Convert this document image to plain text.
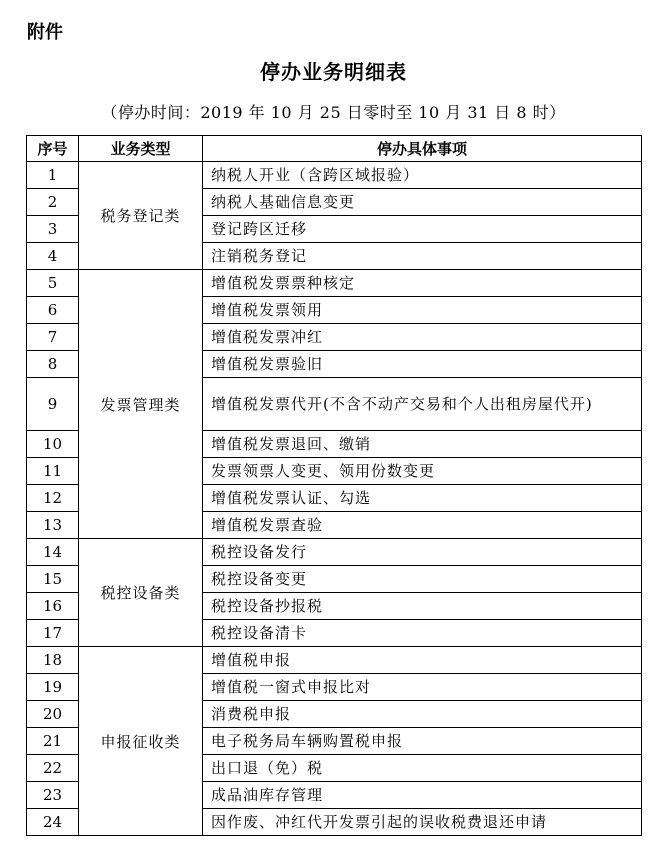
附件
停办业务明细表
（停办时间：2019 年 10 月 25 日零时至 10 月 31 日 8 时）
序号	业务类型	停办具体事项
1	税务登记类	纳税人开业（含跨区域报验）
2		纳税人基础信息变更
3		登记跨区迁移
4		注销税务登记
5	发票管理类	增值税发票票种核定
6		增值税发票领用
7		增值税发票冲红
8		增值税发票验旧
9		增值税发票代开(不含不动产交易和个人出租房屋代开)
10		增值税发票退回、缴销
11		发票领票人变更、领用份数变更
12		增值税发票认证、勾选
13		增值税发票查验
14	税控设备类	税控设备发行
15		税控设备变更
16		税控设备抄报税
17		税控设备清卡
18	申报征收类	增值税申报
19		增值税一窗式申报比对
20		消费税申报
21		电子税务局车辆购置税申报
22		出口退（免）税
23		成品油库存管理
24		因作废、冲红代开发票引起的误收税费退还申请
